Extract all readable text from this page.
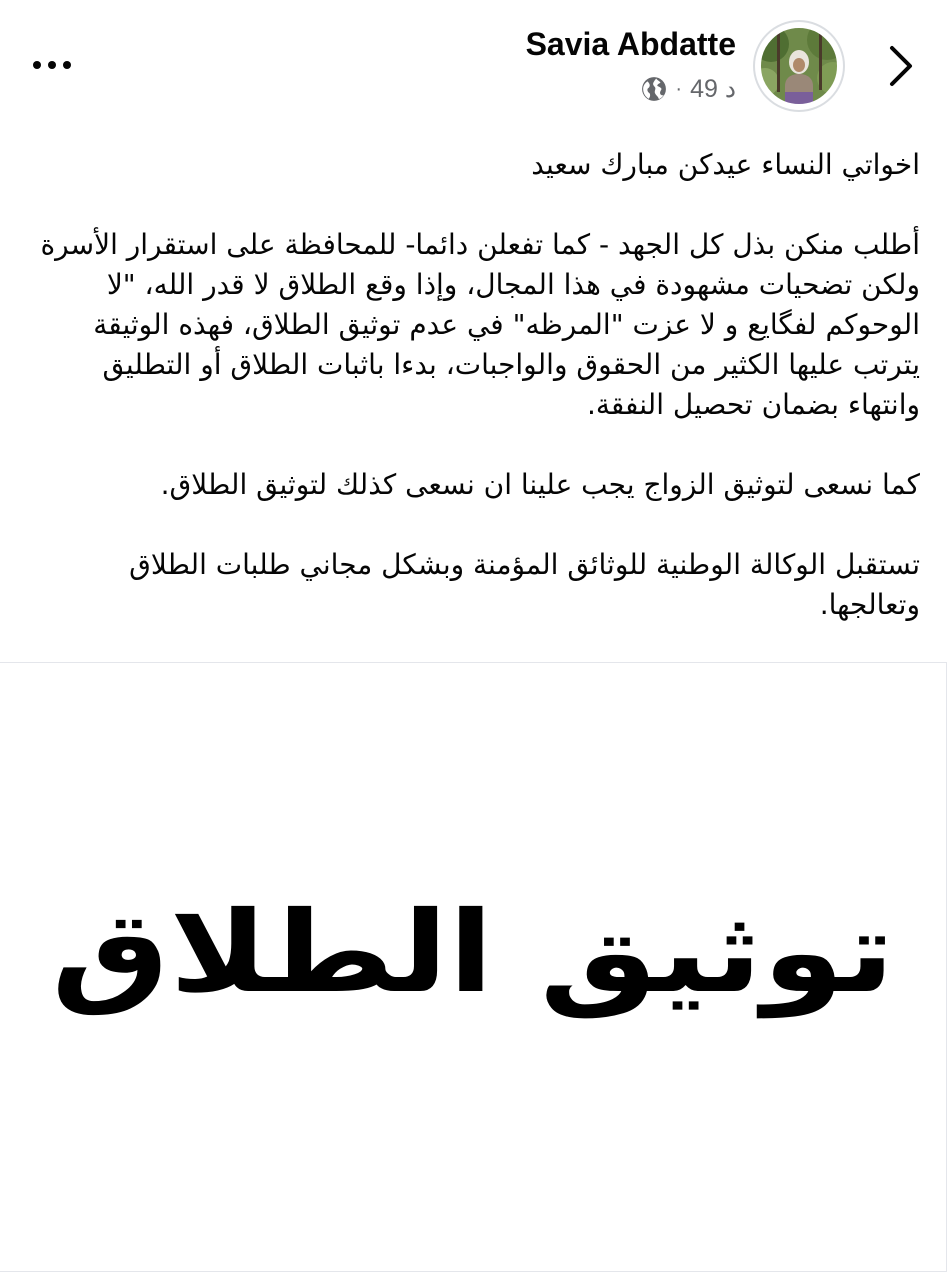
Savia Abdatte
· 49 د

اخواتي النساء عيدكن مبارك سعيد

أطلب منكن بذل كل الجهد - كما تفعلن دائما- للمحافظة على استقرار الأسرة ولكن تضحيات مشهودة في هذا المجال، وإذا وقع الطلاق لا قدر الله، "لا الوحوكم لفگايع و لا عزت "المرظه" في عدم توثيق الطلاق، فهذه الوثيقة يترتب عليها الكثير من الحقوق والواجبات، بدءا باثبات الطلاق أو التطليق وانتهاء بضمان تحصيل النفقة.

كما نسعى لتوثيق الزواج يجب علينا ان نسعى كذلك لتوثيق الطلاق.

تستقبل الوكالة الوطنية للوثائق المؤمنة وبشكل مجاني طلبات الطلاق وتعالجها.

توثيق الطلاق
